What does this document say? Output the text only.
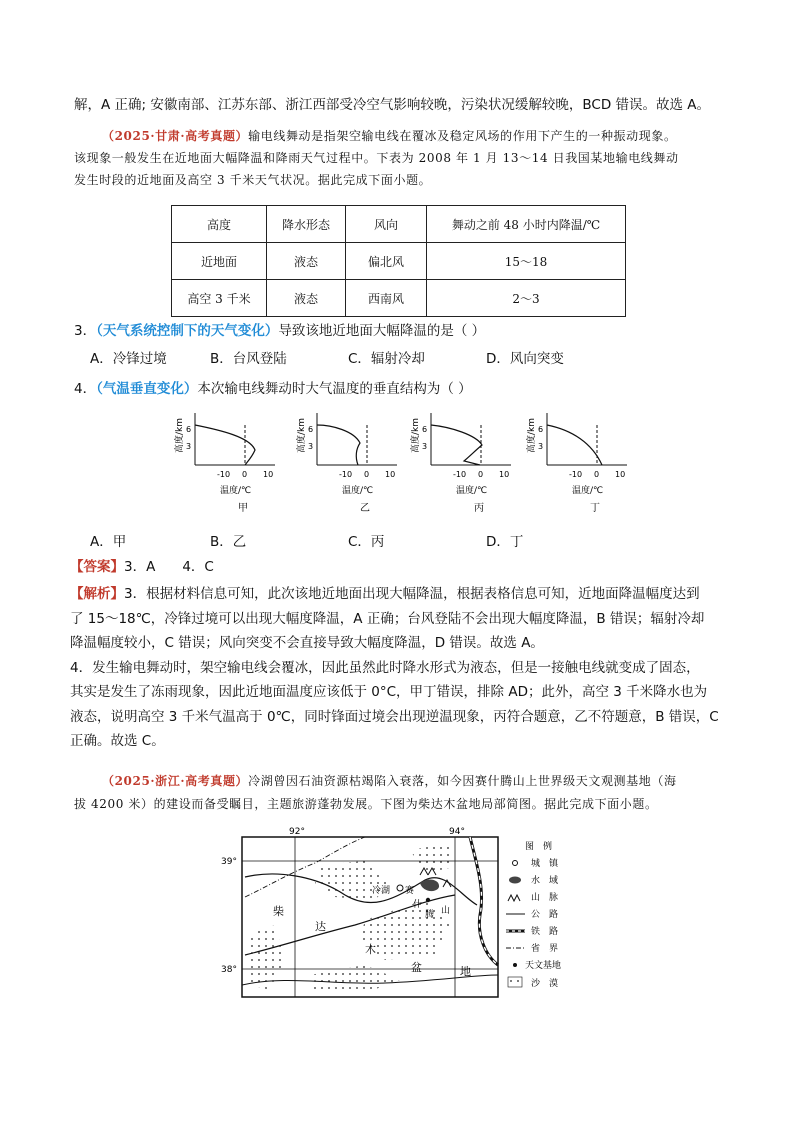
解，A 正确; 安徽南部、江苏东部、浙江西部受冷空气影响较晚，污染状况缓解较晚，BCD 错误。故选 A。
（2025·甘肃·高考真题）输电线舞动是指架空输电线在覆冰及稳定风场的作用下产生的一种振动现象。
该现象一般发生在近地面大幅降温和降雨天气过程中。下表为 2008 年 1 月 13～14 日我国某地输电线舞动
发生时段的近地面及高空 3 千米天气状况。据此完成下面小题。
高度	降水形态	风向	舞动之前 48 小时内降温/℃
近地面	液态	偏北风	15～18
高空 3 千米	液态	西南风	2～3
3．（天气系统控制下的天气变化）导致该地近地面大幅降温的是（ ）
A．冷锋过境	B．台风登陆	C．辐射冷却	D．风向突变
4．（气温垂直变化）本次输电线舞动时大气温度的垂直结构为（ ）
高度/km 6
3
-10 0 10
温度/℃
甲
高度/km 6
3
-10 0 10
温度/℃
乙
高度/km 6
3
-10 0 10
温度/℃
丙
高度/km 6
3
-10 0 10
温度/℃
丁
A．甲	B．乙	C．丙	D．丁
【答案】3．A　　4．C
【解析】3．根据材料信息可知，此次该地近地面出现大幅降温，根据表格信息可知，近地面降温幅度达到
了 15～18℃，冷锋过境可以出现大幅度降温，A 正确；台风登陆不会出现大幅度降温，B 错误；辐射冷却
降温幅度较小，C 错误；风向突变不会直接导致大幅度降温，D 错误。故选 A。
4．发生输电舞动时，架空输电线会覆冰，因此虽然此时降水形式为液态，但是一接触电线就变成了固态，
其实是发生了冻雨现象，因此近地面温度应该低于 0°C，甲丁错误，排除 AD；此外，高空 3 千米降水也为
液态，说明高空 3 千米气温高于 0℃，同时锋面过境会出现逆温现象，丙符合题意，乙不符题意，B 错误，C
正确。故选 C。
（2025·浙江·高考真题）冷湖曾因石油资源枯竭陷入衰落，如今因赛什腾山上世界级天文观测基地（海
拔 4200 米）的建设而备受瞩目，主题旅游蓬勃发展。下图为柴达木盆地局部简图。据此完成下面小题。
92°	94°
39°
38°
冷湖 赛
什
腾 山
柴
达
木
盆	地
图　例
城　镇
水　域
山　脉
公　路
铁　路
省　界
天文基地
沙　漠
